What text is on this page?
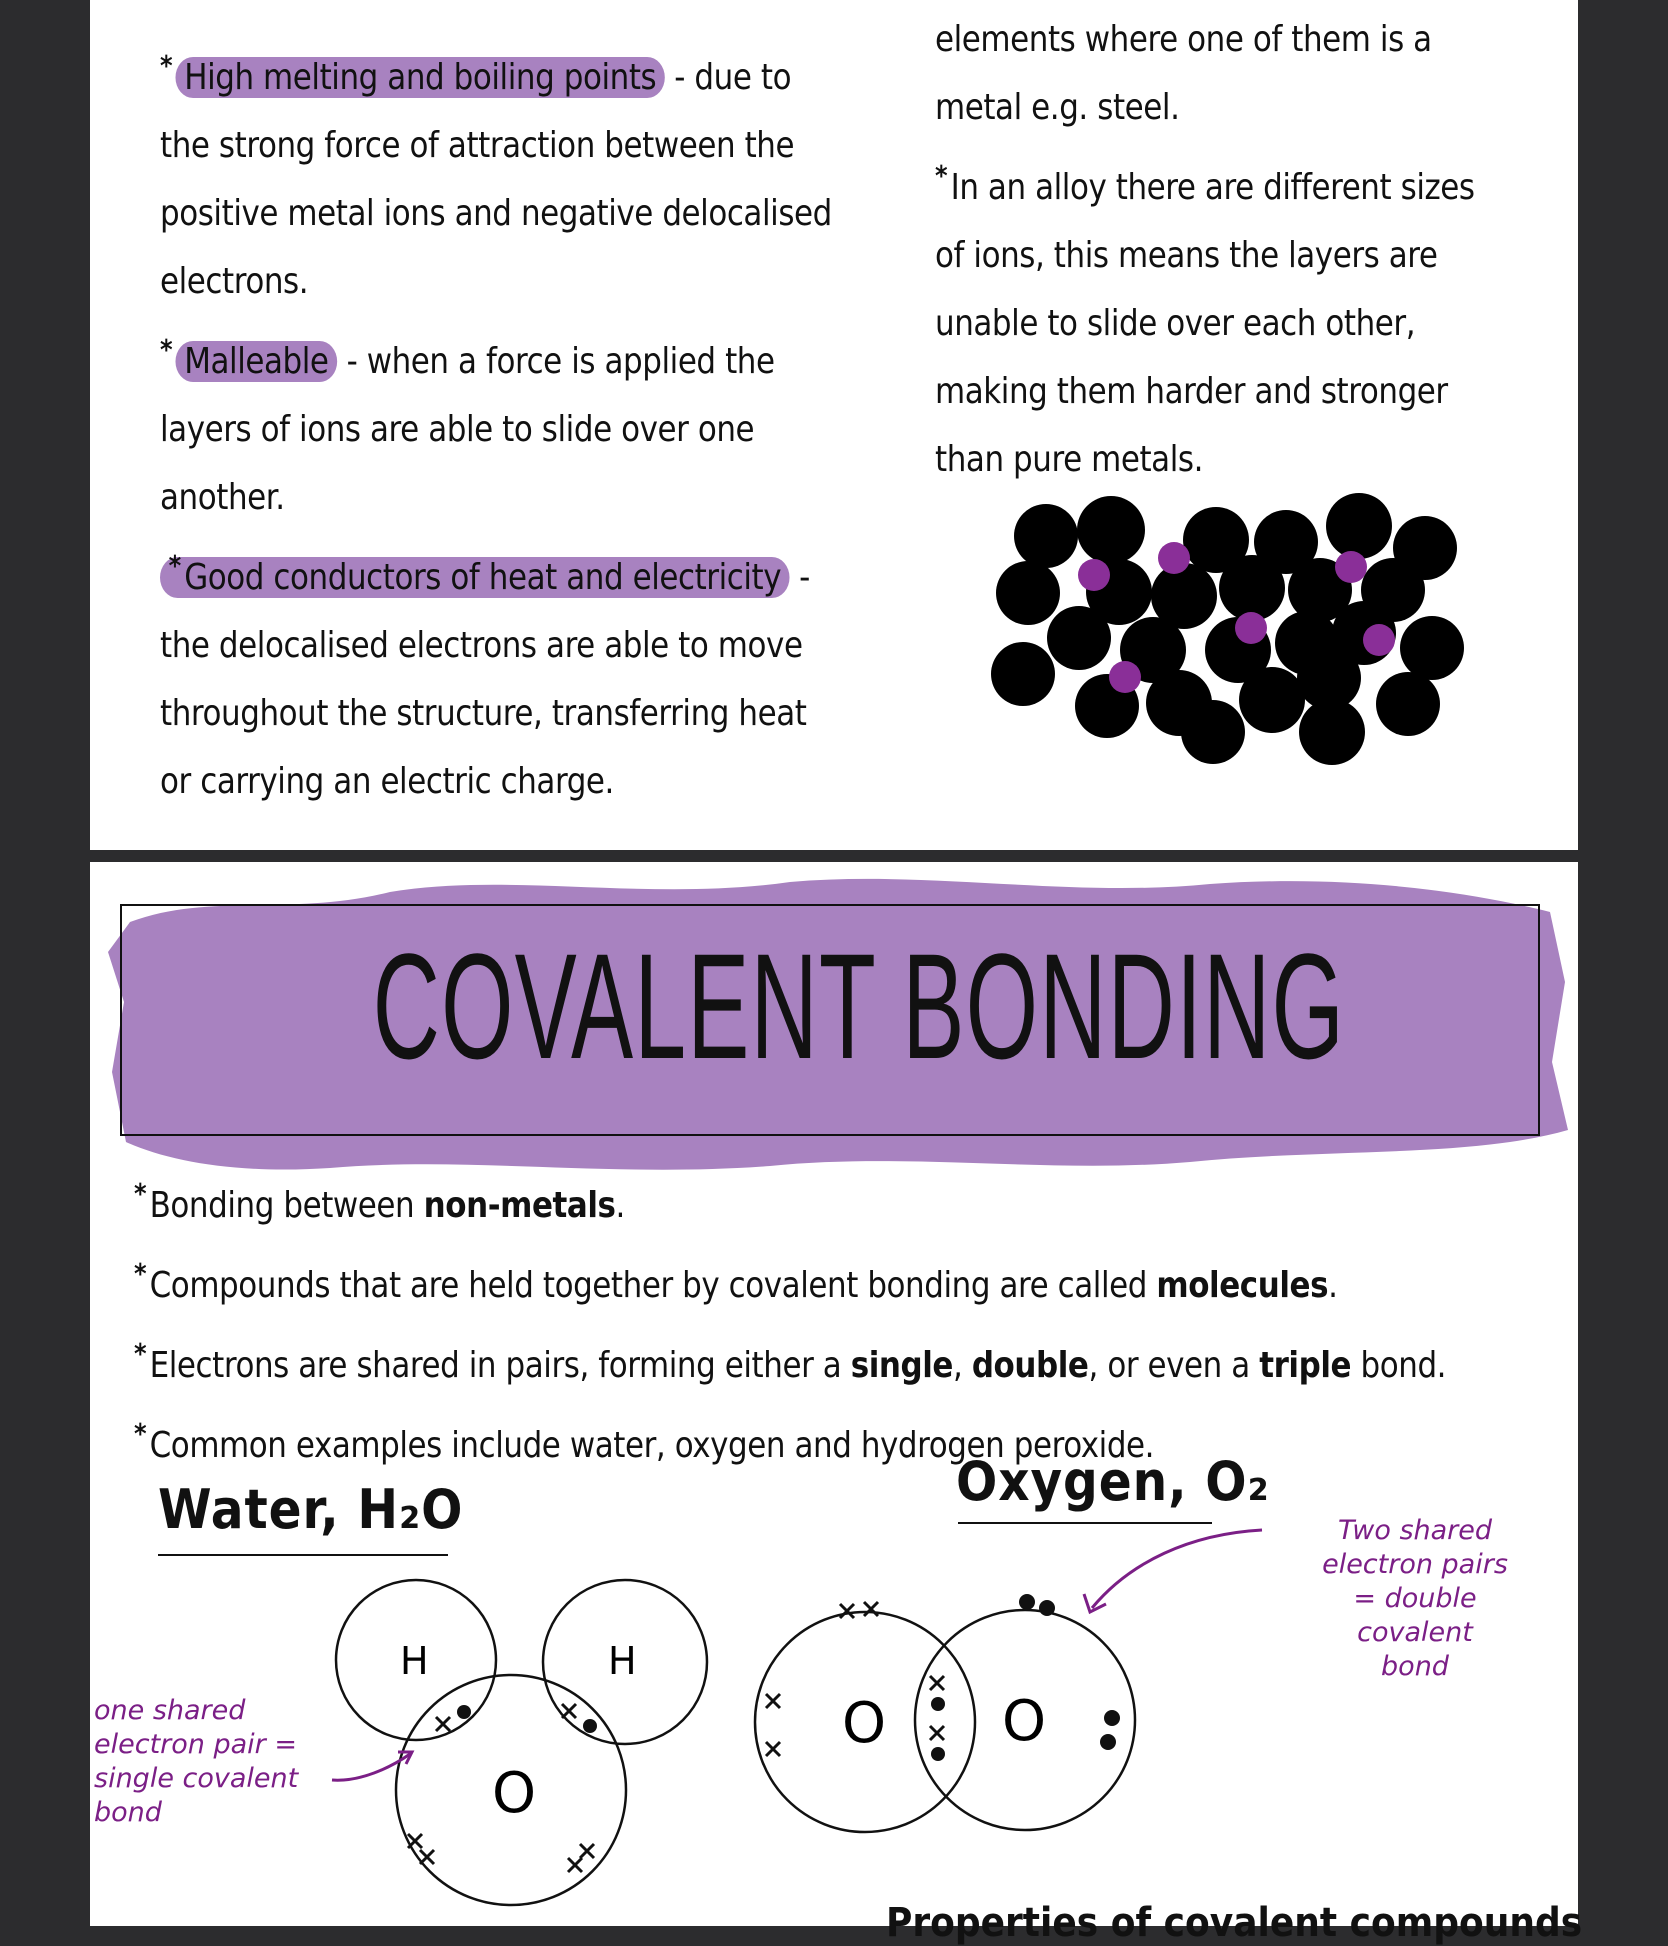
* High melting and boiling points - due to
the strong force of attraction between the
positive metal ions and negative delocalised
electrons.
* Malleable - when a force is applied the
layers of ions are able to slide over one
another.
*Good conductors of heat and electricity -
the delocalised electrons are able to move
throughout the structure, transferring heat
or carrying an electric charge.
elements where one of them is a
metal e.g. steel.
*In an alloy there are different sizes
of ions, this means the layers are
unable to slide over each other,
making them harder and stronger
than pure metals.
COVALENT BONDING
*Bonding between non-metals.
*Compounds that are held together by covalent bonding are called molecules.
*Electrons are shared in pairs, forming either a single, double, or even a triple bond.
*Common examples include water, oxygen and hydrogen peroxide.
Water, H₂O	Oxygen, O₂
one shared
electron pair =
single covalent
bond
Two shared
electron pairs
= double
covalent
bond
H	H
O
O O
Properties of covalent compounds
